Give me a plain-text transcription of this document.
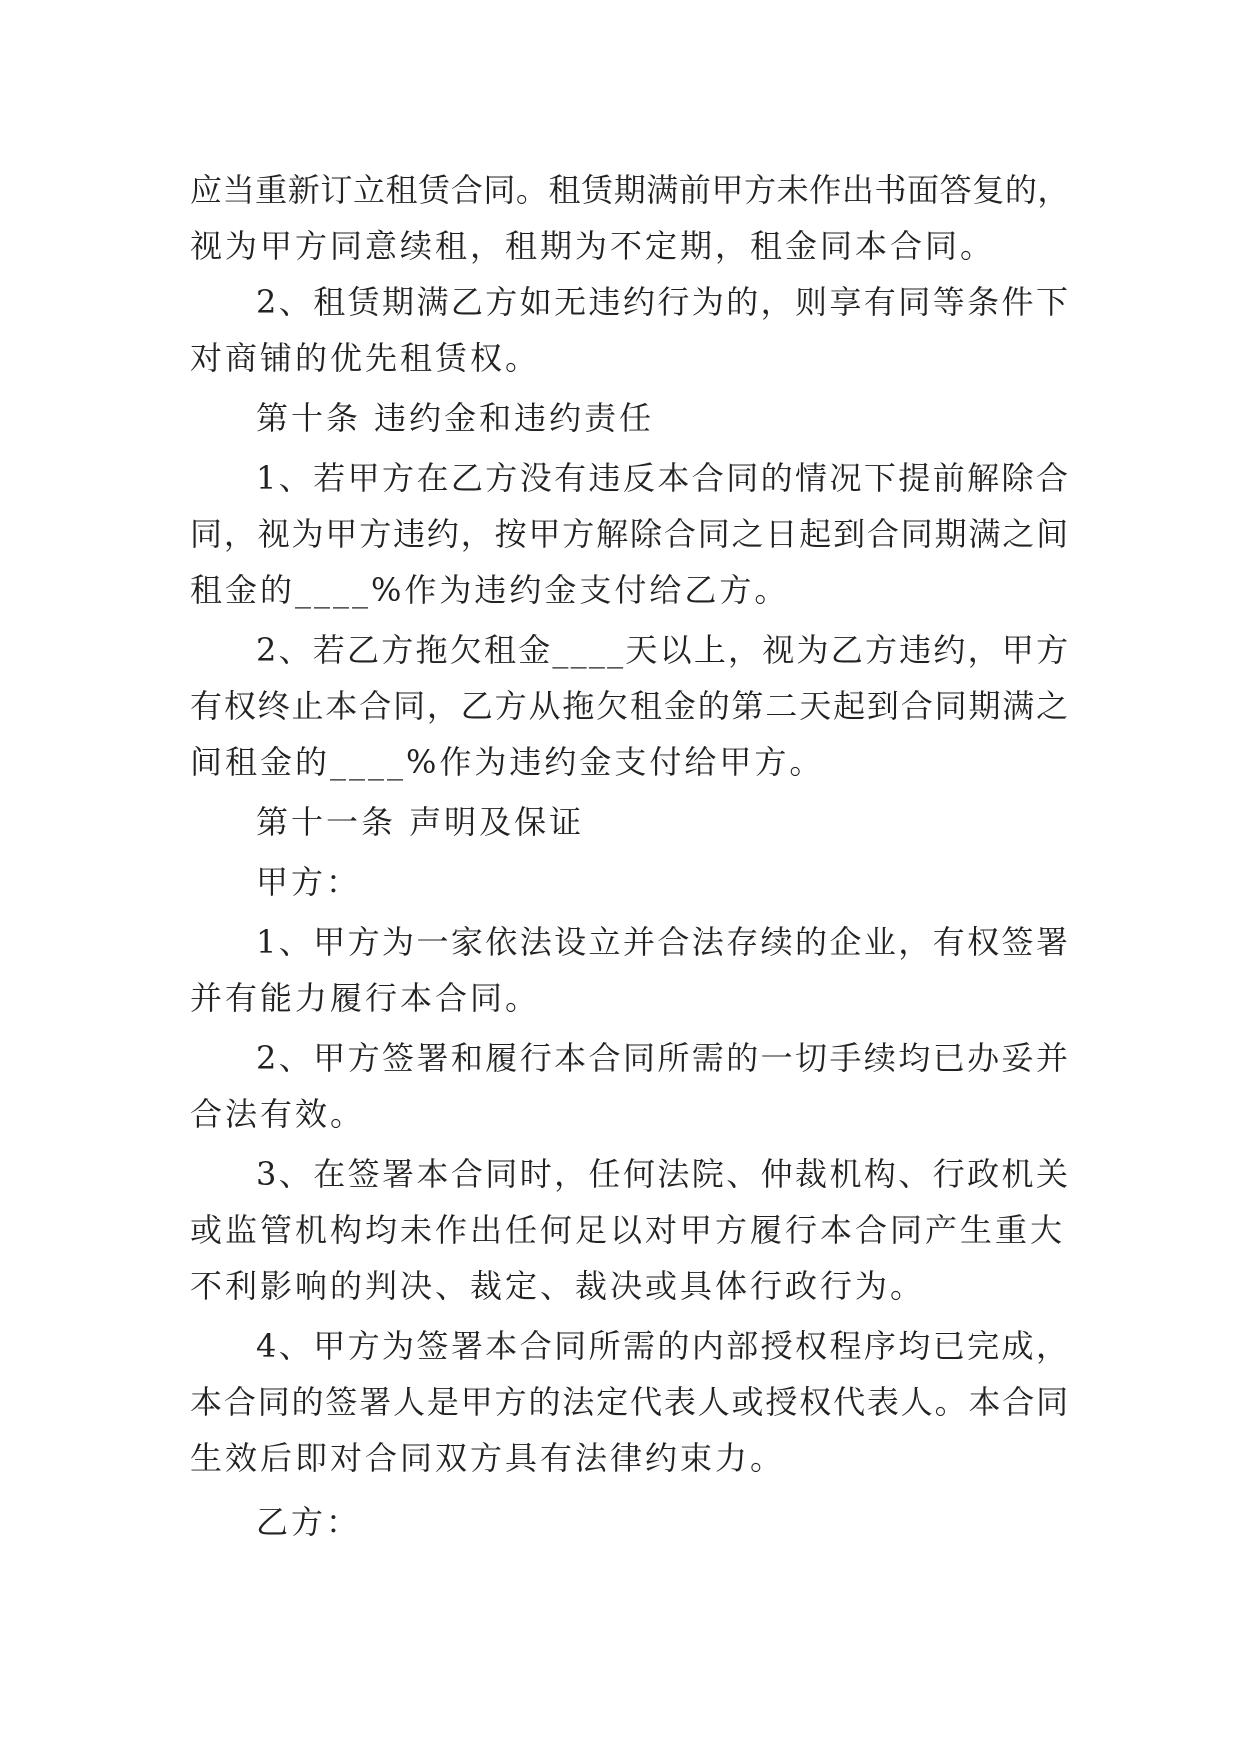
应当重新订立租赁合同。租赁期满前甲方未作出书面答复的，

视为甲方同意续租，租期为不定期，租金同本合同。

2、租赁期满乙方如无违约行为的，则享有同等条件下

对商铺的优先租赁权。

第十条 违约金和违约责任

1、若甲方在乙方没有违反本合同的情况下提前解除合

同，视为甲方违约，按甲方解除合同之日起到合同期满之间

租金的____%作为违约金支付给乙方。

2、若乙方拖欠租金____天以上，视为乙方违约，甲方

有权终止本合同，乙方从拖欠租金的第二天起到合同期满之

间租金的____%作为违约金支付给甲方。

第十一条 声明及保证

甲方：

1、甲方为一家依法设立并合法存续的企业，有权签署

并有能力履行本合同。

2、甲方签署和履行本合同所需的一切手续均已办妥并

合法有效。

3、在签署本合同时，任何法院、仲裁机构、行政机关

或监管机构均未作出任何足以对甲方履行本合同产生重大

不利影响的判决、裁定、裁决或具体行政行为。

4、甲方为签署本合同所需的内部授权程序均已完成，

本合同的签署人是甲方的法定代表人或授权代表人。本合同

生效后即对合同双方具有法律约束力。

乙方：
